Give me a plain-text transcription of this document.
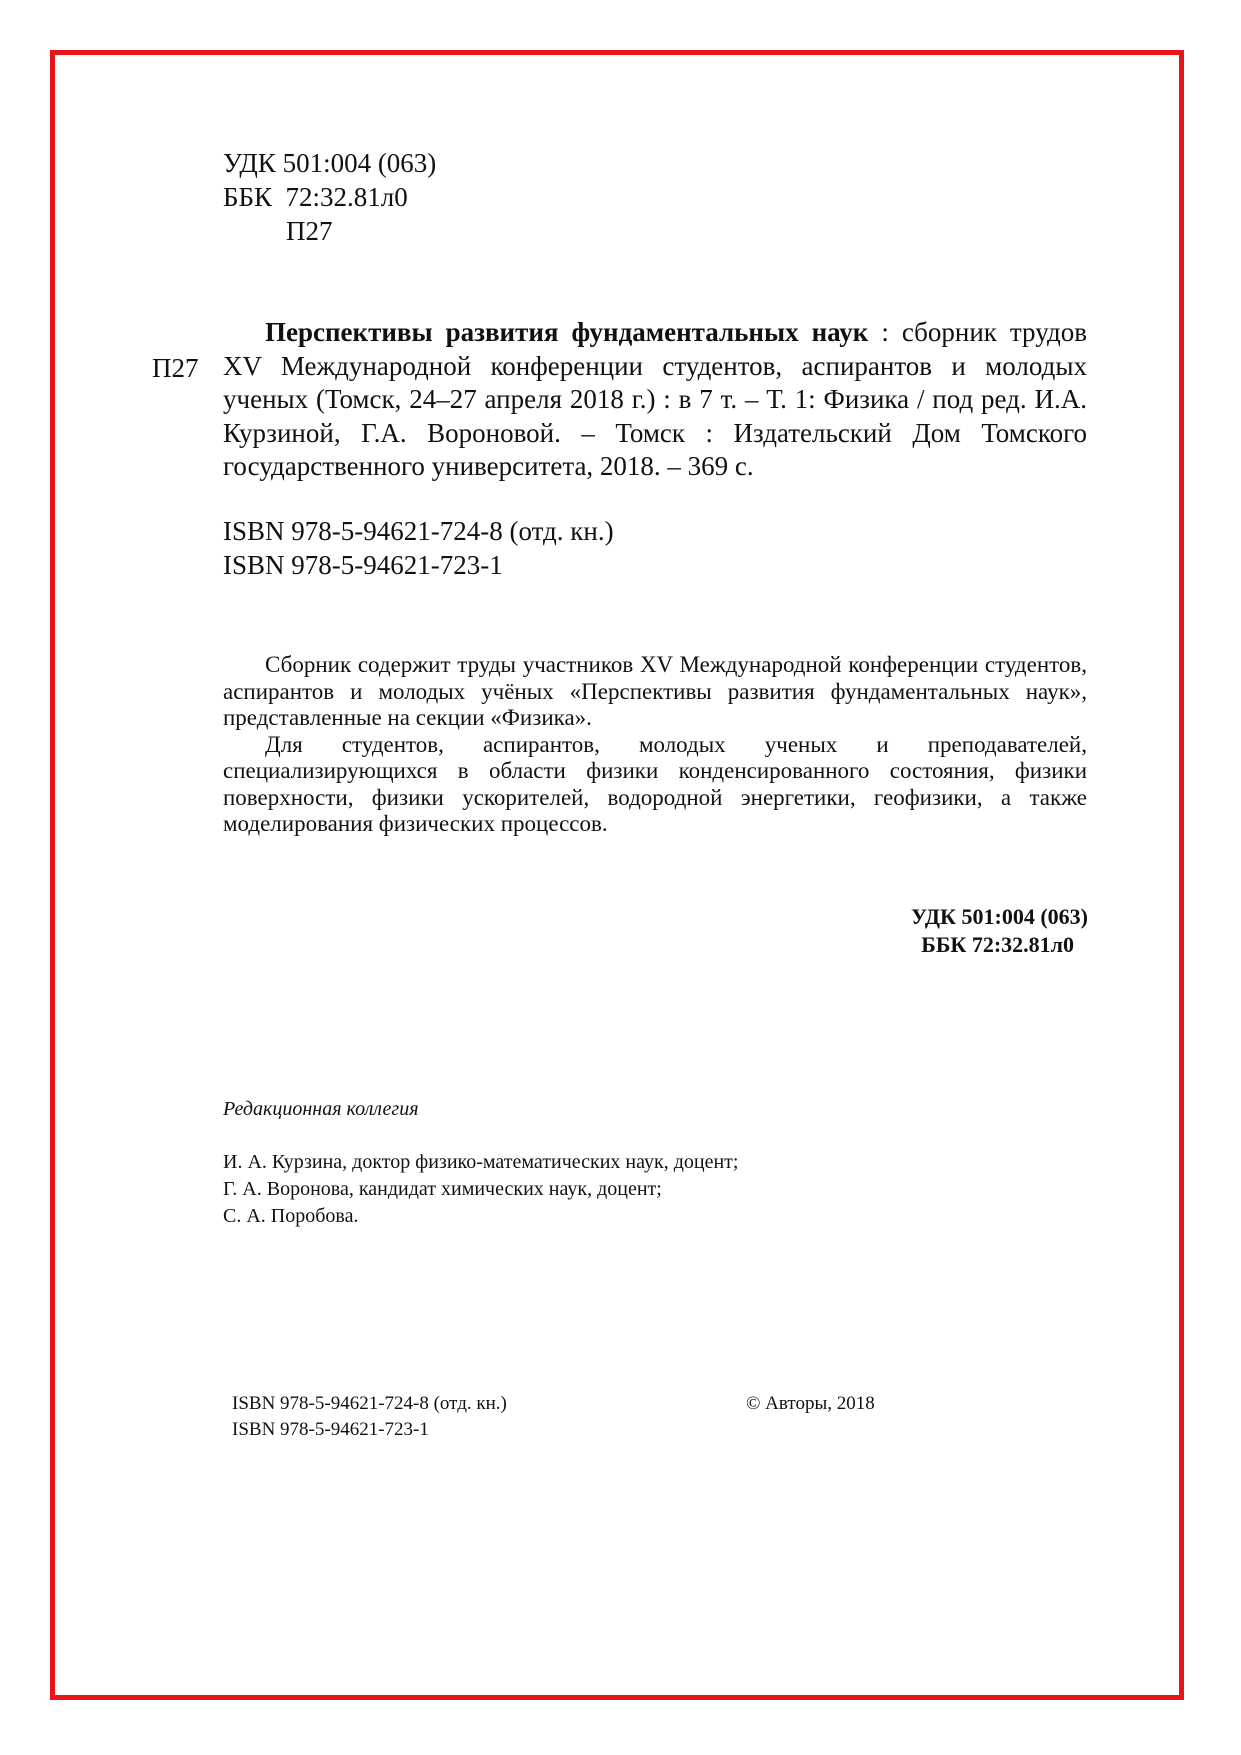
УДК 501:004 (063)
ББК  72:32.81л0
П27
П27
Перспективы развития фундаментальных наук : сборник трудов XV Международной конференции студентов, аспирантов и молодых ученых (Томск, 24–27 апреля 2018 г.) : в 7 т. – Т. 1: Физика / под ред. И.А. Курзиной, Г.А. Вороновой. – Томск : Издательский Дом Томского государственного университета, 2018. – 369 с.
ISBN 978-5-94621-724-8 (отд. кн.)
ISBN 978-5-94621-723-1

Сборник содержит труды участников XV Международной конференции студентов, аспирантов и молодых учёных «Перспективы развития фундаментальных наук», представленные на секции «Физика».

Для студентов, аспирантов, молодых ученых и преподавателей, специализирующихся в области физики конденсированного состояния, физики поверхности, физики ускорителей, водородной энергетики, геофизики, а также моделирования физических процессов.

УДК 501:004 (063)
ББК 72:32.81л0
Редакционная коллегия
И. А. Курзина, доктор физико-математических наук, доцент;
Г. А. Воронова, кандидат химических наук, доцент;
С. А. Поробова.
ISBN 978-5-94621-724-8 (отд. кн.)
ISBN 978-5-94621-723-1
© Авторы, 2018
